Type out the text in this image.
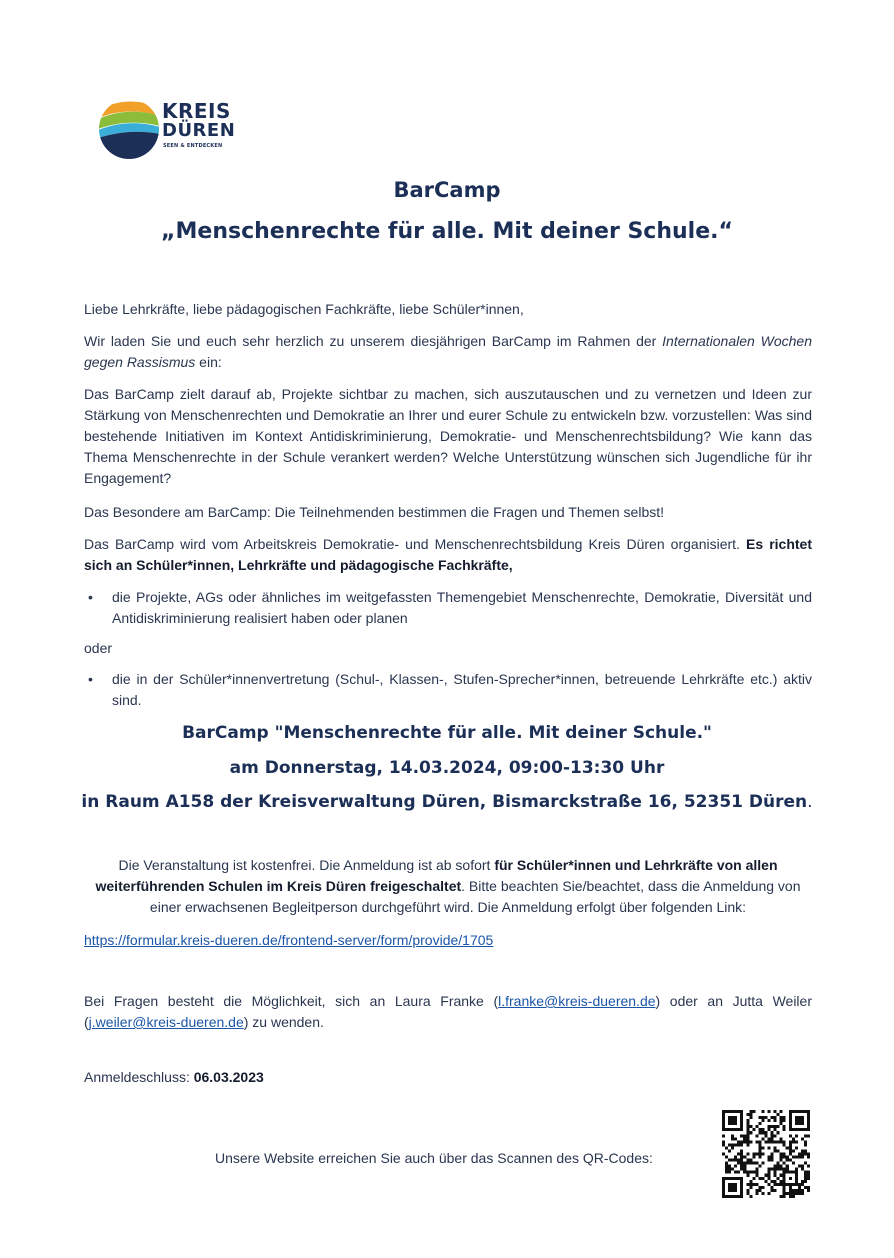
KREIS
DÜREN
SEEN & ENTDECKEN
BarCamp
„Menschenrechte für alle. Mit deiner Schule.“

Liebe Lehrkräfte, liebe pädagogischen Fachkräfte, liebe Schüler*innen,

Wir laden Sie und euch sehr herzlich zu unserem diesjährigen BarCamp im Rahmen der Internationalen Wochen gegen Rassismus ein:

Das BarCamp zielt darauf ab, Projekte sichtbar zu machen, sich auszutauschen und zu vernetzen und Ideen zur Stärkung von Menschenrechten und Demokratie an Ihrer und eurer Schule zu entwickeln bzw. vorzustellen: Was sind bestehende Initiativen im Kontext Antidiskriminierung, Demokratie- und Menschenrechtsbildung? Wie kann das Thema Menschenrechte in der Schule verankert werden? Welche Unterstützung wünschen sich Jugendliche für ihr Engagement?

Das Besondere am BarCamp: Die Teilnehmenden bestimmen die Fragen und Themen selbst!

Das BarCamp wird vom Arbeitskreis Demokratie- und Menschenrechtsbildung Kreis Düren organisiert. Es richtet sich an Schüler*innen, Lehrkräfte und pädagogische Fachkräfte,

• die Projekte, AGs oder ähnliches im weitgefassten Themengebiet Menschenrechte, Demokratie, Diversität und Antidiskriminierung realisiert haben oder planen

oder

• die in der Schüler*innenvertretung (Schul-, Klassen-, Stufen-Sprecher*innen, betreuende Lehrkräfte etc.) aktiv sind.
BarCamp "Menschenrechte für alle. Mit deiner Schule."
am Donnerstag, 14.03.2024, 09:00-13:30 Uhr
in Raum A158 der Kreisverwaltung Düren, Bismarckstraße 16, 52351 Düren.

Die Veranstaltung ist kostenfrei. Die Anmeldung ist ab sofort für Schüler*innen und Lehrkräfte von allen weiterführenden Schulen im Kreis Düren freigeschaltet. Bitte beachten Sie/beachtet, dass die Anmeldung von einer erwachsenen Begleitperson durchgeführt wird. Die Anmeldung erfolgt über folgenden Link:

https://formular.kreis-dueren.de/frontend-server/form/provide/1705

Bei Fragen besteht die Möglichkeit, sich an Laura Franke (l.franke@kreis-dueren.de) oder an Jutta Weiler (j.weiler@kreis-dueren.de) zu wenden.

Anmeldeschluss: 06.03.2023

Unsere Website erreichen Sie auch über das Scannen des QR-Codes:
